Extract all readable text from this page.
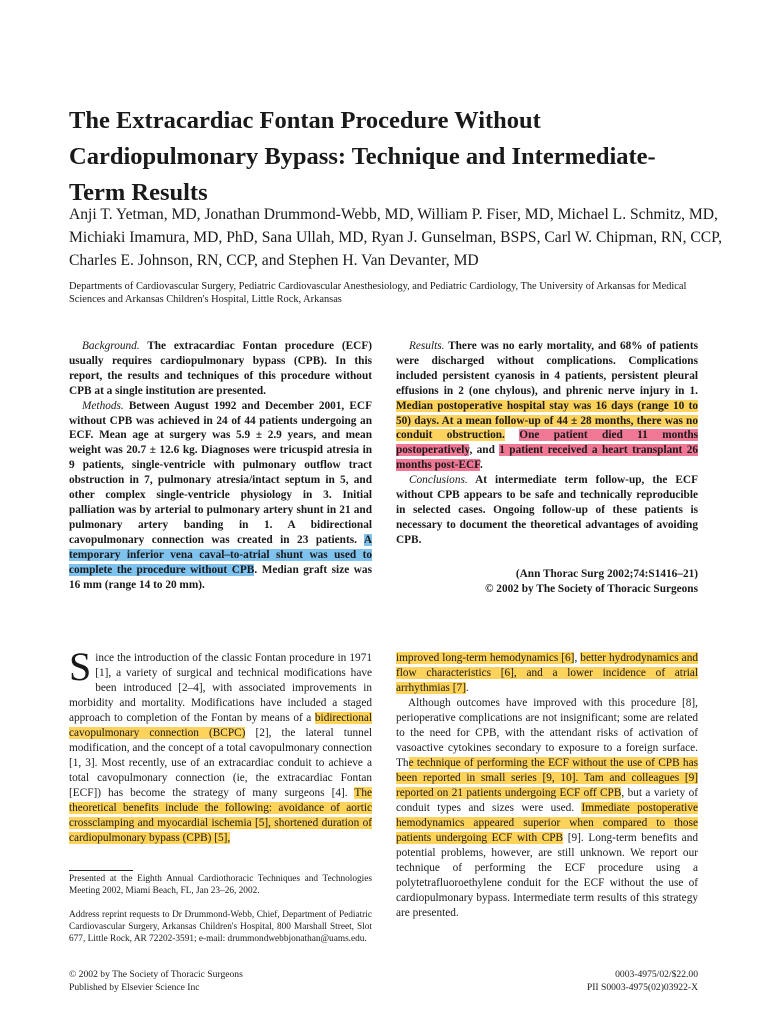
The Extracardiac Fontan Procedure Without Cardiopulmonary Bypass: Technique and Intermediate-Term Results

Anji T. Yetman, MD, Jonathan Drummond-Webb, MD, William P. Fiser, MD, Michael L. Schmitz, MD, Michiaki Imamura, MD, PhD, Sana Ullah, MD, Ryan J. Gunselman, BSPS, Carl W. Chipman, RN, CCP, Charles E. Johnson, RN, CCP, and Stephen H. Van Devanter, MD

Departments of Cardiovascular Surgery, Pediatric Cardiovascular Anesthesiology, and Pediatric Cardiology, The University of Arkansas for Medical Sciences and Arkansas Children's Hospital, Little Rock, Arkansas

Background. The extracardiac Fontan procedure (ECF) usually requires cardiopulmonary bypass (CPB). In this report, the results and techniques of this procedure without CPB at a single institution are presented.

Methods. Between August 1992 and December 2001, ECF without CPB was achieved in 24 of 44 patients undergoing an ECF. Mean age at surgery was 5.9 ± 2.9 years, and mean weight was 20.7 ± 12.6 kg. Diagnoses were tricuspid atresia in 9 patients, single-ventricle with pulmonary outflow tract obstruction in 7, pulmonary atresia/intact septum in 5, and other complex single-ventricle physiology in 3. Initial palliation was by arterial to pulmonary artery shunt in 21 and pulmonary artery banding in 1. A bidirectional cavopulmonary connection was created in 23 patients. A temporary inferior vena caval–to-atrial shunt was used to complete the procedure without CPB. Median graft size was 16 mm (range 14 to 20 mm).

Results. There was no early mortality, and 68% of patients were discharged without complications. Complications included persistent cyanosis in 4 patients, persistent pleural effusions in 2 (one chylous), and phrenic nerve injury in 1. Median postoperative hospital stay was 16 days (range 10 to 50) days. At a mean follow-up of 44 ± 28 months, there was no conduit obstruction. One patient died 11 months postoperatively, and 1 patient received a heart transplant 26 months post-ECF.

Conclusions. At intermediate term follow-up, the ECF without CPB appears to be safe and technically reproducible in selected cases. Ongoing follow-up of these patients is necessary to document the theoretical advantages of avoiding CPB.

(Ann Thorac Surg 2002;74:S1416–21)
© 2002 by The Society of Thoracic Surgeons

Since the introduction of the classic Fontan procedure in 1971 [1], a variety of surgical and technical modifications have been introduced [2–4], with associated improvements in morbidity and mortality. Modifications have included a staged approach to completion of the Fontan by means of a bidirectional cavopulmonary connection (BCPC) [2], the lateral tunnel modification, and the concept of a total cavopulmonary connection [1, 3]. Most recently, use of an extracardiac conduit to achieve a total cavopulmonary connection (ie, the extracardiac Fontan [ECF]) has become the strategy of many surgeons [4]. The theoretical benefits include the following: avoidance of aortic crossclamping and myocardial ischemia [5], shortened duration of cardiopulmonary bypass (CPB) [5],

improved long-term hemodynamics [6], better hydrodynamics and flow characteristics [6], and a lower incidence of atrial arrhythmias [7].

Although outcomes have improved with this procedure [8], perioperative complications are not insignificant; some are related to the need for CPB, with the attendant risks of activation of vasoactive cytokines secondary to exposure to a foreign surface. The technique of performing the ECF without the use of CPB has been reported in small series [9, 10]. Tam and colleagues [9] reported on 21 patients undergoing ECF off CPB, but a variety of conduit types and sizes were used. Immediate postoperative hemodynamics appeared superior when compared to those patients undergoing ECF with CPB [9]. Long-term benefits and potential problems, however, are still unknown. We report our technique of performing the ECF procedure using a polytetrafluoroethylene conduit for the ECF without the use of cardiopulmonary bypass. Intermediate term results of this strategy are presented.

Presented at the Eighth Annual Cardiothoracic Techniques and Technologies Meeting 2002, Miami Beach, FL, Jan 23–26, 2002.
Address reprint requests to Dr Drummond-Webb, Chief, Department of Pediatric Cardiovascular Surgery, Arkansas Children's Hospital, 800 Marshall Street, Slot 677, Little Rock, AR 72202-3591; e-mail: drummondwebbjonathan@uams.edu.
© 2002 by The Society of Thoracic Surgeons
Published by Elsevier Science Inc
0003-4975/02/$22.00
PII S0003-4975(02)03922-X
